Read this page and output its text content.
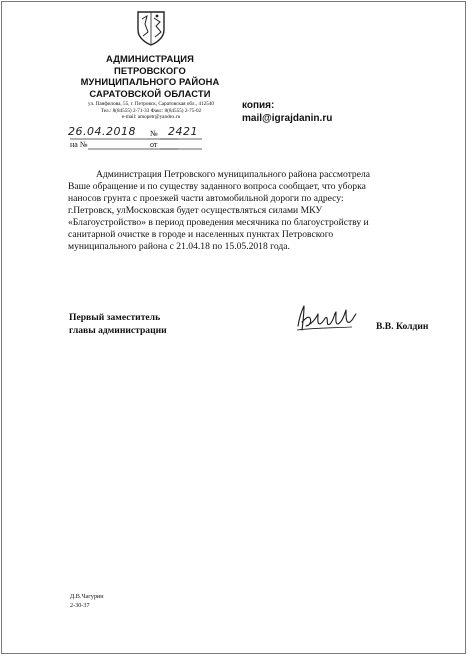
АДМИНИСТРАЦИЯ
ПЕТРОВСКОГО
МУНИЦИПАЛЬНОГО РАЙОНА
САРАТОВСКОЙ ОБЛАСТИ
ул. Панфилова, 55, г. Петровск, Саратовская обл., 412540
Тел.: 8(84555) 2-71-33 Факс: 8(84555) 2-75-02
e-mail: amopetr@yandex.ru
26.04.2018 № 2421
на №	от
копия:
mail@igrajdanin.ru
Администрация Петровского муниципального района рассмотрела
Ваше обращение и по существу заданного вопроса сообщает, что уборка
наносов грунта с проезжей части автомобильной дороги по адресу:
г.Петровск, улМосковская будет осуществляться силами МКУ
«Благоустройство» в период проведения месячника по благоустройству и
санитарной очистке в городе и населенных пунктах Петровского
муниципального района с 21.04.18 по 15.05.2018 года.
Первый заместитель
главы администрации	В.В. Колдин
Д.В.Чагурин
2-30-37
